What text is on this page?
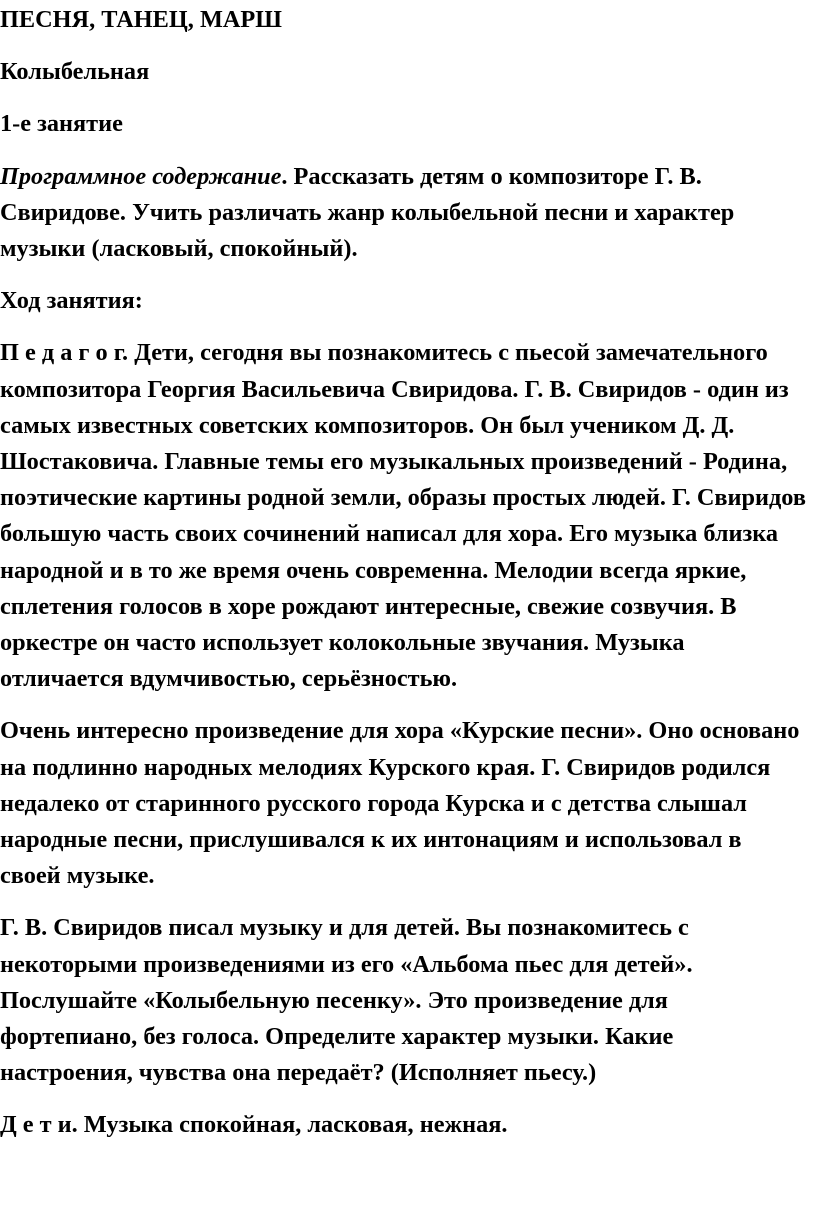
ПЕСНЯ, ТАНЕЦ, МАРШ

Колыбельная

1-е занятие

Программное содержание. Рассказать детям о композиторе Г. В. Свиридове. Учить различать жанр колыбельной песни и характер музыки (ласковый, спокойный).

Ход занятия:

П е д а г о г. Дети, сегодня вы познакомитесь с пьесой замечательного композитора Георгия Васильевича Свиридова. Г. В. Свиридов - один из самых известных советских композиторов. Он был учеником Д. Д. Шостаковича. Главные темы его музыкальных произведений - Родина, поэтические картины родной земли, образы простых людей. Г. Свиридов большую часть своих сочинений написал для хора. Его музыка близка народной и в то же время очень современна. Мелодии всегда яркие, сплетения голосов в хоре рождают интересные, свежие созвучия. В оркестре он часто использует колокольные звучания. Музыка отличается вдумчивостью, серьёзностью.

Очень интересно произведение для хора «Курские песни». Оно основано на подлинно народных мелодиях Курского края. Г. Свиридов родился недалеко от старинного русского города Курска и с детства слышал народные песни, прислушивался к их интонациям и использовал в своей музыке.

Г. В. Свиридов писал музыку и для детей. Вы познакомитесь с некоторыми произведениями из его «Альбома пьес для детей». Послушайте «Колыбельную песенку». Это произведение для фортепиано, без голоса. Определите характер музыки. Какие настроения, чувства она передаёт? (Исполняет пьесу.)

Д е т и. Музыка спокойная, ласковая, нежная.
